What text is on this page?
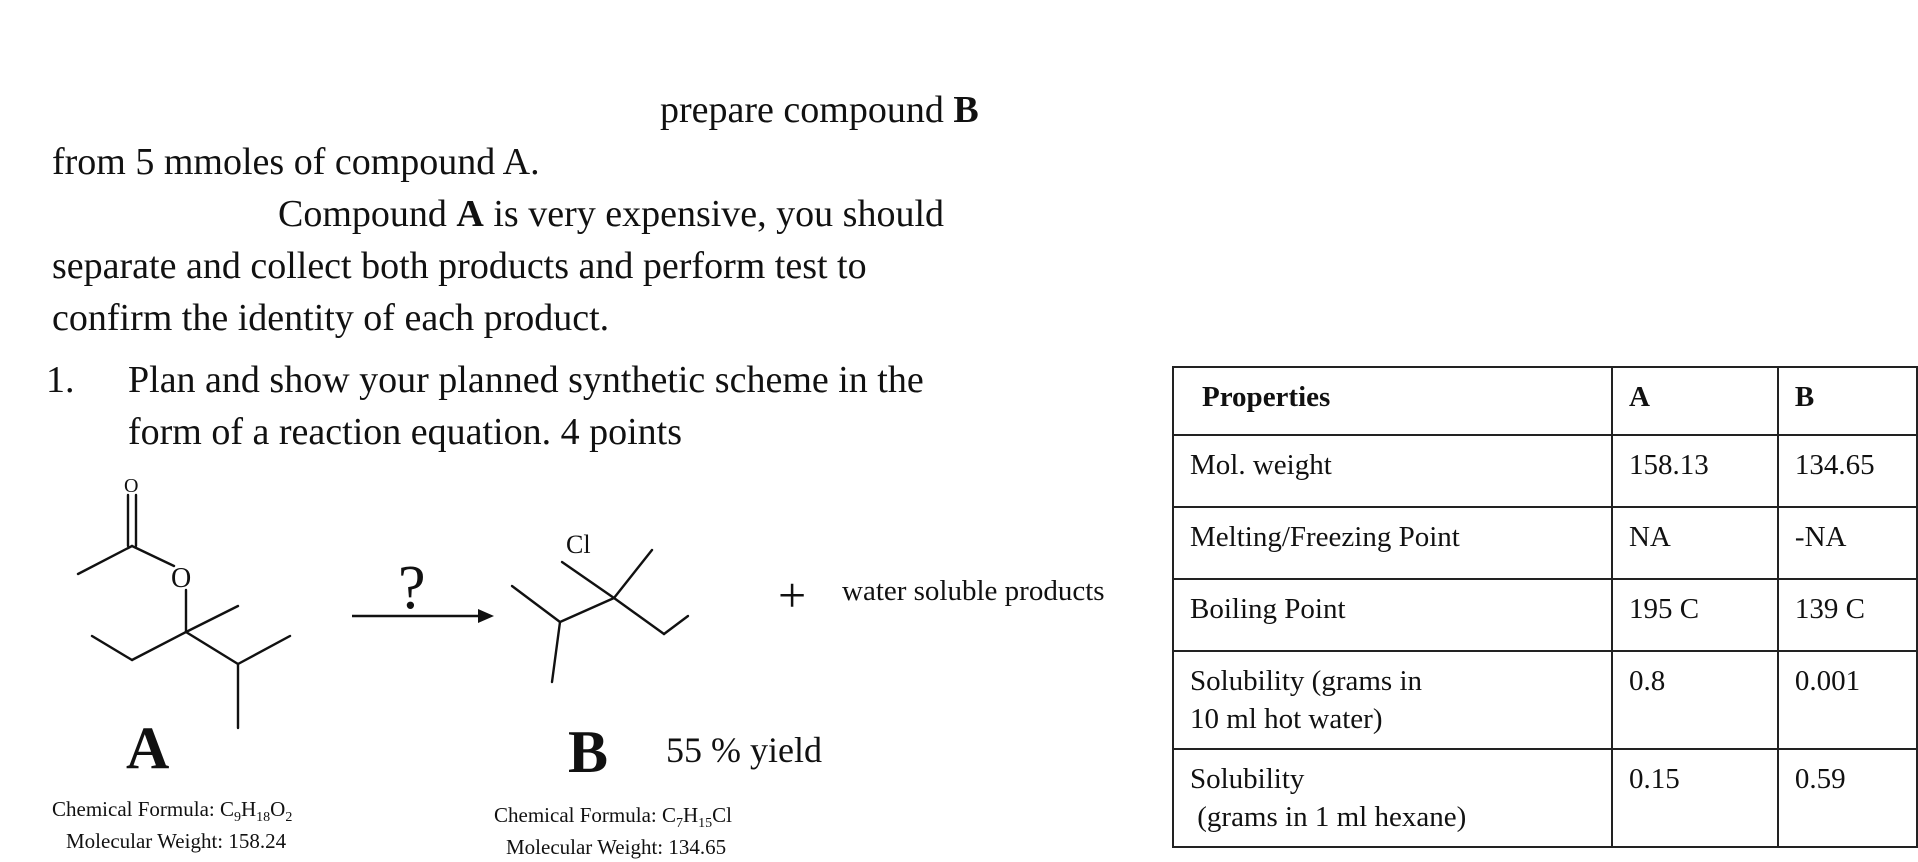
prepare compound B
from 5 mmoles of compound A.
Compound A is very expensive, you should
separate and collect both products and perform test to
confirm the identity of each product.
1. Plan and show your planned synthetic scheme in the
form of a reaction equation. 4 points
O
O	?
Cl
+ water soluble products
A	B 55 % yield
Chemical Formula: $C_9H_{18}O_2$
Molecular Weight: 158.24
Chemical Formula: $C_7H_{15}Cl$
Molecular Weight: 134.65
Properties	A	B
Mol. weight	158.13	134.65
Melting/Freezing Point	NA	-NA
Boiling Point	195 C	139 C

Solubility (grams in
10 ml hot water)	0.8	0.001

Solubility
(grams in 1 ml hexane)	0.15	0.59
